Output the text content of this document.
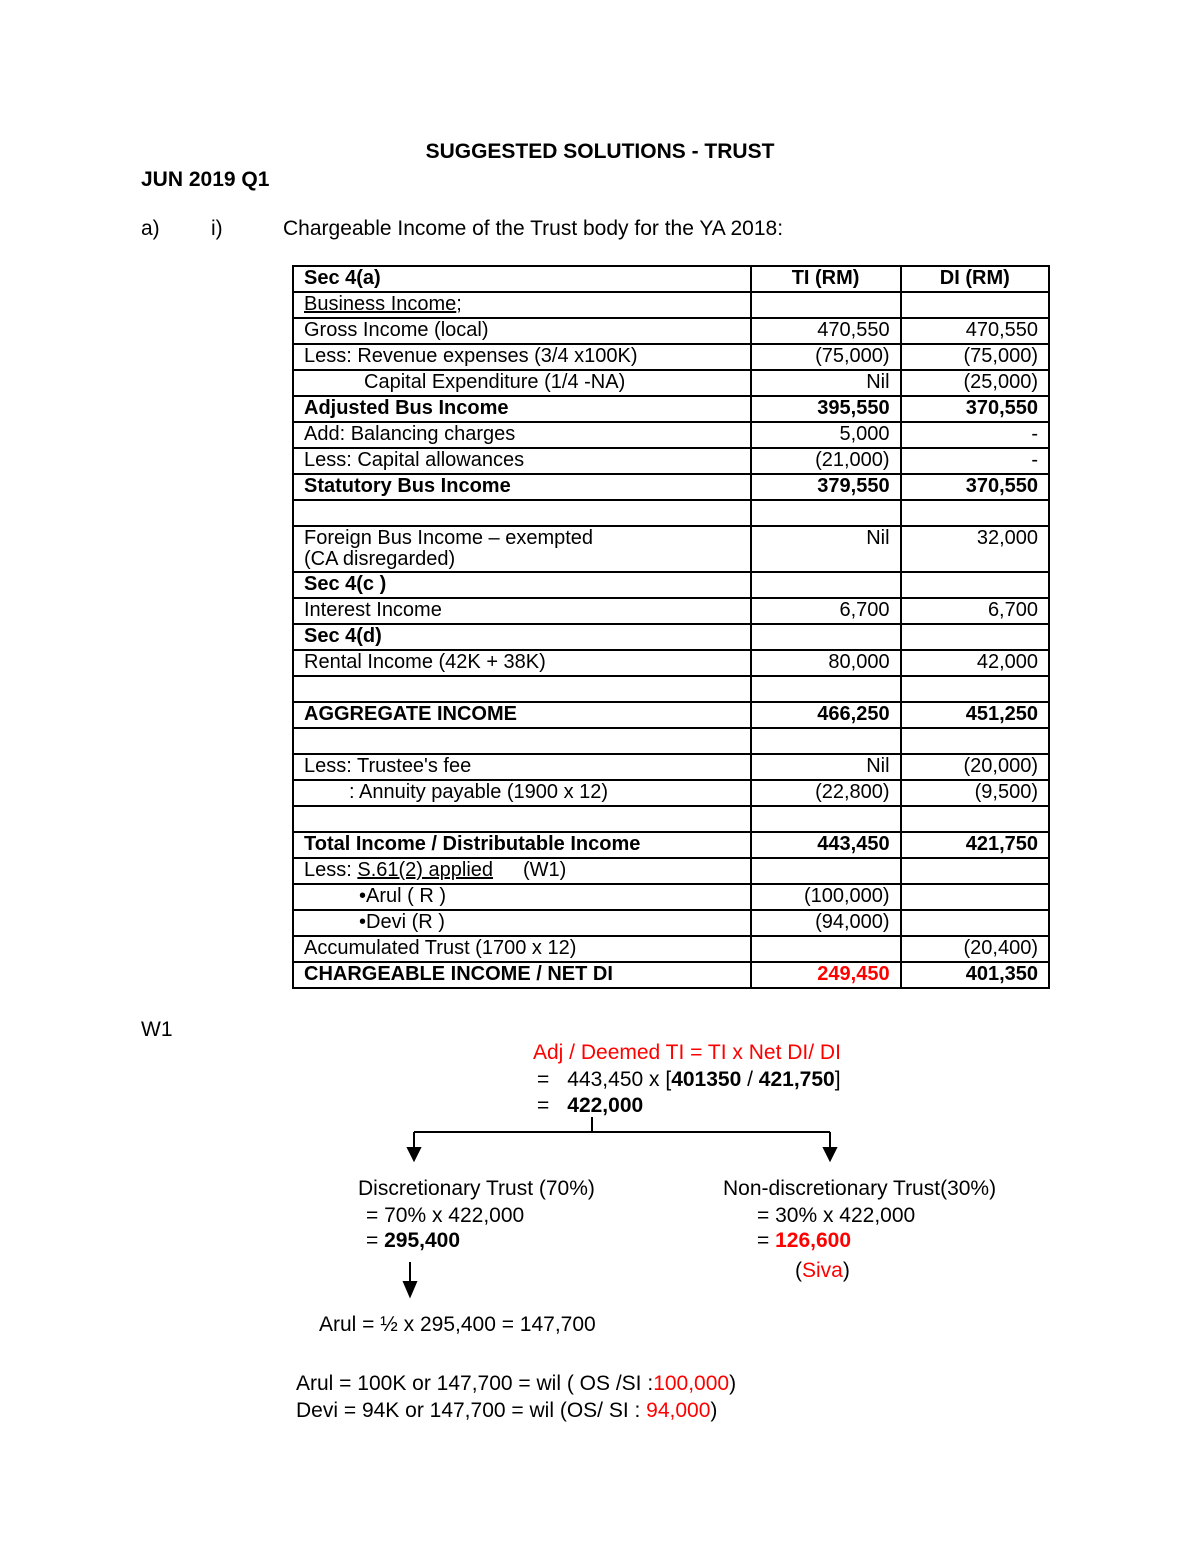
SUGGESTED SOLUTIONS - TRUST
JUN 2019 Q1
a) i)	Chargeable Income of the Trust body for the YA 2018:
Sec 4(a)	TI (RM)	DI (RM)
Business Income;		
Gross Income (local)	470,550	470,550
Less: Revenue expenses (3/4 x100K)	(75,000)	(75,000)
Capital Expenditure (1/4 -NA)	Nil	(25,000)
Adjusted Bus Income	395,550	370,550
Add: Balancing charges	5,000	-
Less: Capital allowances	(21,000)	-
Statutory Bus Income	379,550	370,550

Foreign Bus Income – exempted
(CA disregarded)	Nil	32,000
Sec 4(c )		
Interest Income	6,700	6,700
Sec 4(d)		
Rental Income (42K + 38K)	80,000	42,000

AGGREGATE INCOME	466,250	451,250

Less: Trustee's fee	Nil	(20,000)
: Annuity payable (1900 x 12)	(22,800)	(9,500)

Total Income / Distributable Income	443,450	421,750
Less: S.61(2) applied (W1)		
•Arul ( R )	(100,000)	
•Devi (R )	(94,000)	
Accumulated Trust (1700 x 12)		(20,400)
CHARGEABLE INCOME / NET DI	249,450	401,350
W1
Adj / Deemed TI = TI x Net DI/ DI
= 443,450 x [401350 / 421,750]
= 422,000
Discretionary Trust (70%)
= 70% x 422,000
= 295,400
Non-discretionary Trust(30%)
= 30% x 422,000
= 126,600
(Siva)
Arul = ½ x 295,400 = 147,700
Arul = 100K or 147,700 = wil ( OS /SI :100,000)
Devi = 94K or 147,700 = wil (OS/ SI : 94,000)
